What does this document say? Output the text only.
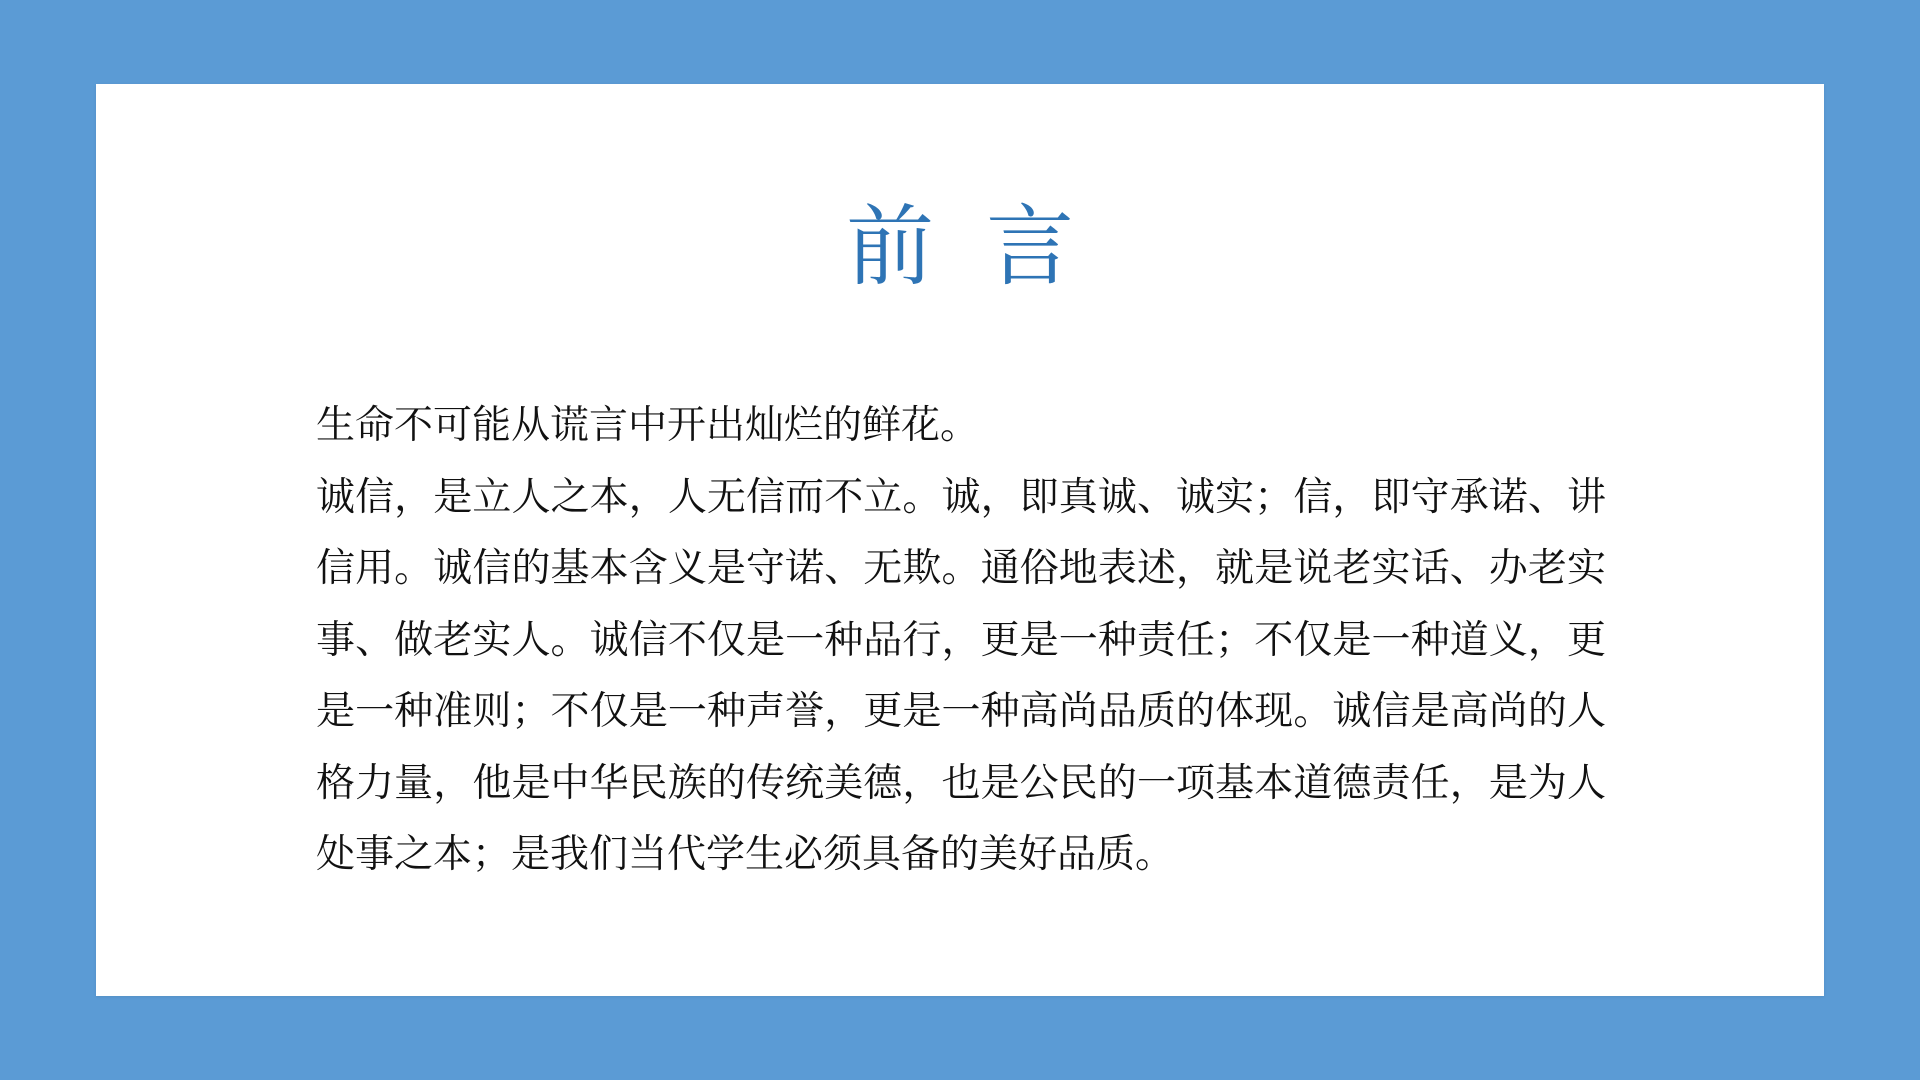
前言

生命不可能从谎言中开出灿烂的鲜花。

诚信，是立人之本，人无信而不立。诚，即真诚、诚实；信，即守承诺、讲信用。诚信的基本含义是守诺、无欺。通俗地表述，就是说老实话、办老实事、做老实人。诚信不仅是一种品行，更是一种责任；不仅是一种道义，更是一种准则；不仅是一种声誉，更是一种高尚品质的体现。诚信是高尚的人格力量，他是中华民族的传统美德，也是公民的一项基本道德责任，是为人处事之本；是我们当代学生必须具备的美好品质。
